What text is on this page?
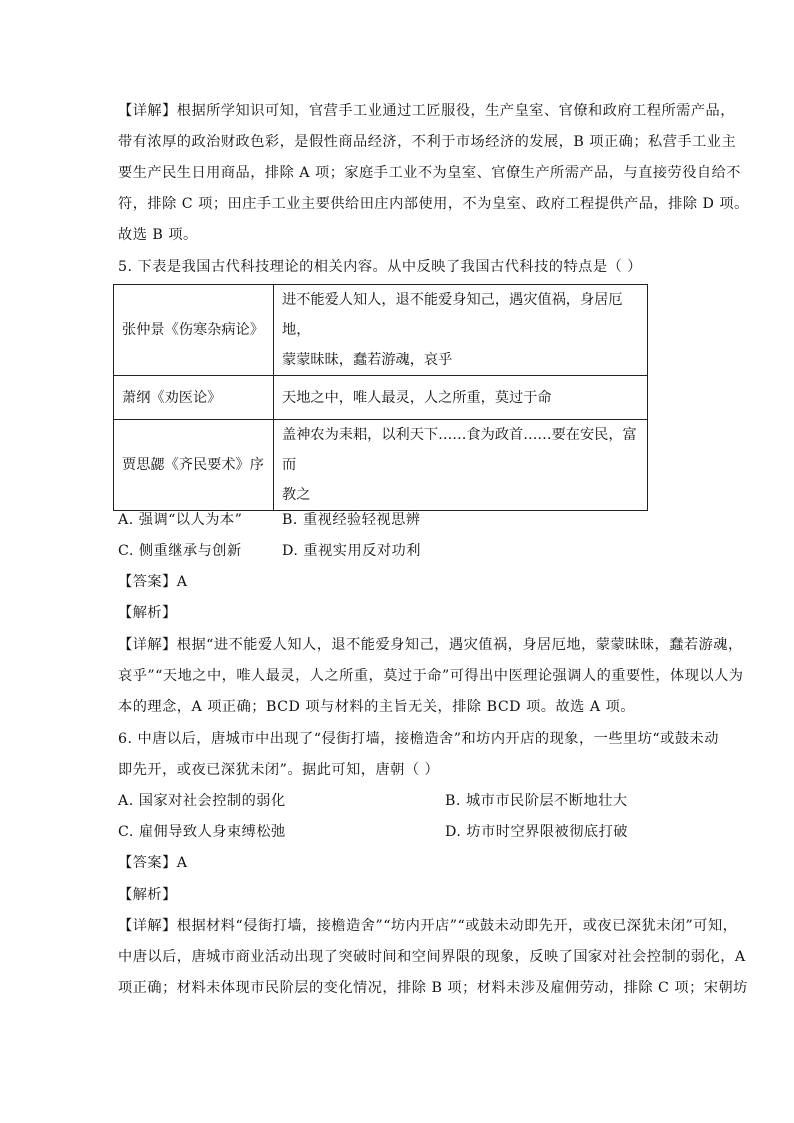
【详解】根据所学知识可知，官营手工业通过工匠服役，生产皇室、官僚和政府工程所需产品，
带有浓厚的政治财政色彩，是假性商品经济，不利于市场经济的发展，B 项正确；私营手工业主
要生产民生日用商品，排除 A 项；家庭手工业不为皇室、官僚生产所需产品，与直接劳役自给不
符，排除 C 项；田庄手工业主要供给田庄内部使用，不为皇室、政府工程提供产品，排除 D 项。
故选 B 项。
5. 下表是我国古代科技理论的相关内容。从中反映了我国古代科技的特点是（ ）
张仲景《伤寒杂病论》	进不能爱人知人，退不能爱身知己，遇灾值祸，身居厄地，
蒙蒙昧昧，蠢若游魂，哀乎

萧纲《劝医论》	天地之中，唯人最灵，人之所重，莫过于命

贾思勰《齐民要术》序	盖神农为耒耜，以利天下……食为政首……要在安民，富而
教之
A. 强调“以人为本”	B. 重视经验轻视思辨
C. 侧重继承与创新	D. 重视实用反对功利
【答案】A
【解析】
【详解】根据“进不能爱人知人，退不能爱身知己，遇灾值祸，身居厄地，蒙蒙昧昧，蠢若游魂，
哀乎”“天地之中，唯人最灵，人之所重，莫过于命”可得出中医理论强调人的重要性，体现以人为
本的理念，A 项正确；BCD 项与材料的主旨无关，排除 BCD 项。故选 A 项。
6. 中唐以后，唐城市中出现了“侵街打墙，接檐造舍”和坊内开店的现象，一些里坊“或鼓未动
即先开，或夜已深犹未闭”。据此可知，唐朝（ ）
A. 国家对社会控制的弱化	B. 城市市民阶层不断地壮大
C. 雇佣导致人身束缚松弛	D. 坊市时空界限被彻底打破
【答案】A
【解析】
【详解】根据材料“侵街打墙，接檐造舍”“坊内开店”“或鼓未动即先开，或夜已深犹未闭”可知，
中唐以后，唐城市商业活动出现了突破时间和空间界限的现象，反映了国家对社会控制的弱化，A
项正确；材料未体现市民阶层的变化情况，排除 B 项；材料未涉及雇佣劳动，排除 C 项；宋朝坊
